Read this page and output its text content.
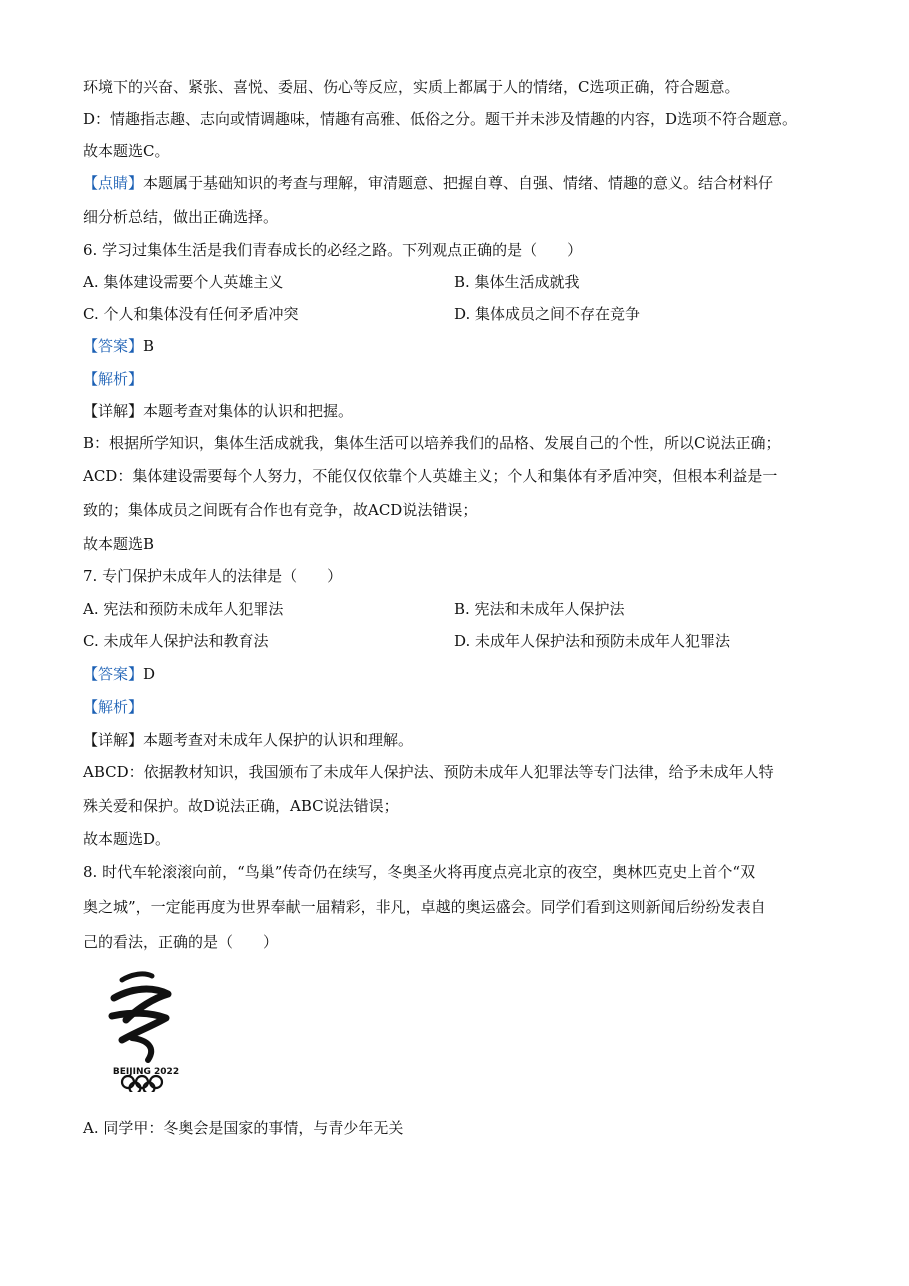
环境下的兴奋、紧张、喜悦、委屈、伤心等反应，实质上都属于人的情绪，C选项正确，符合题意。
D：情趣指志趣、志向或情调趣味，情趣有高雅、低俗之分。题干并未涉及情趣的内容，D选项不符合题意。
故本题选C。
【点睛】本题属于基础知识的考查与理解，审清题意、把握自尊、自强、情绪、情趣的意义。结合材料仔
细分析总结，做出正确选择。
6. 学习过集体生活是我们青春成长的必经之路。下列观点正确的是（　　）
A. 集体建设需要个人英雄主义	B. 集体生活成就我
C. 个人和集体没有任何矛盾冲突	D. 集体成员之间不存在竞争
【答案】B
【解析】
【详解】本题考查对集体的认识和把握。
B：根据所学知识，集体生活成就我，集体生活可以培养我们的品格、发展自己的个性，所以C说法正确；
ACD：集体建设需要每个人努力，不能仅仅依靠个人英雄主义；个人和集体有矛盾冲突，但根本利益是一
致的；集体成员之间既有合作也有竞争，故ACD说法错误；
故本题选B
7. 专门保护未成年人的法律是（　　）
A. 宪法和预防未成年人犯罪法	B. 宪法和未成年人保护法
C. 未成年人保护法和教育法	D. 未成年人保护法和预防未成年人犯罪法
【答案】D
【解析】
【详解】本题考查对未成年人保护的认识和理解。
ABCD：依据教材知识，我国颁布了未成年人保护法、预防未成年人犯罪法等专门法律，给予未成年人特
殊关爱和保护。故D说法正确，ABC说法错误；
故本题选D。
8. 时代车轮滚滚向前，“鸟巢”传奇仍在续写，冬奥圣火将再度点亮北京的夜空，奥林匹克史上首个“双
奥之城”，一定能再度为世界奉献一届精彩，非凡，卓越的奥运盛会。同学们看到这则新闻后纷纷发表自
己的看法，正确的是（　　）
BEIJING 2022
A. 同学甲：冬奥会是国家的事情，与青少年无关
